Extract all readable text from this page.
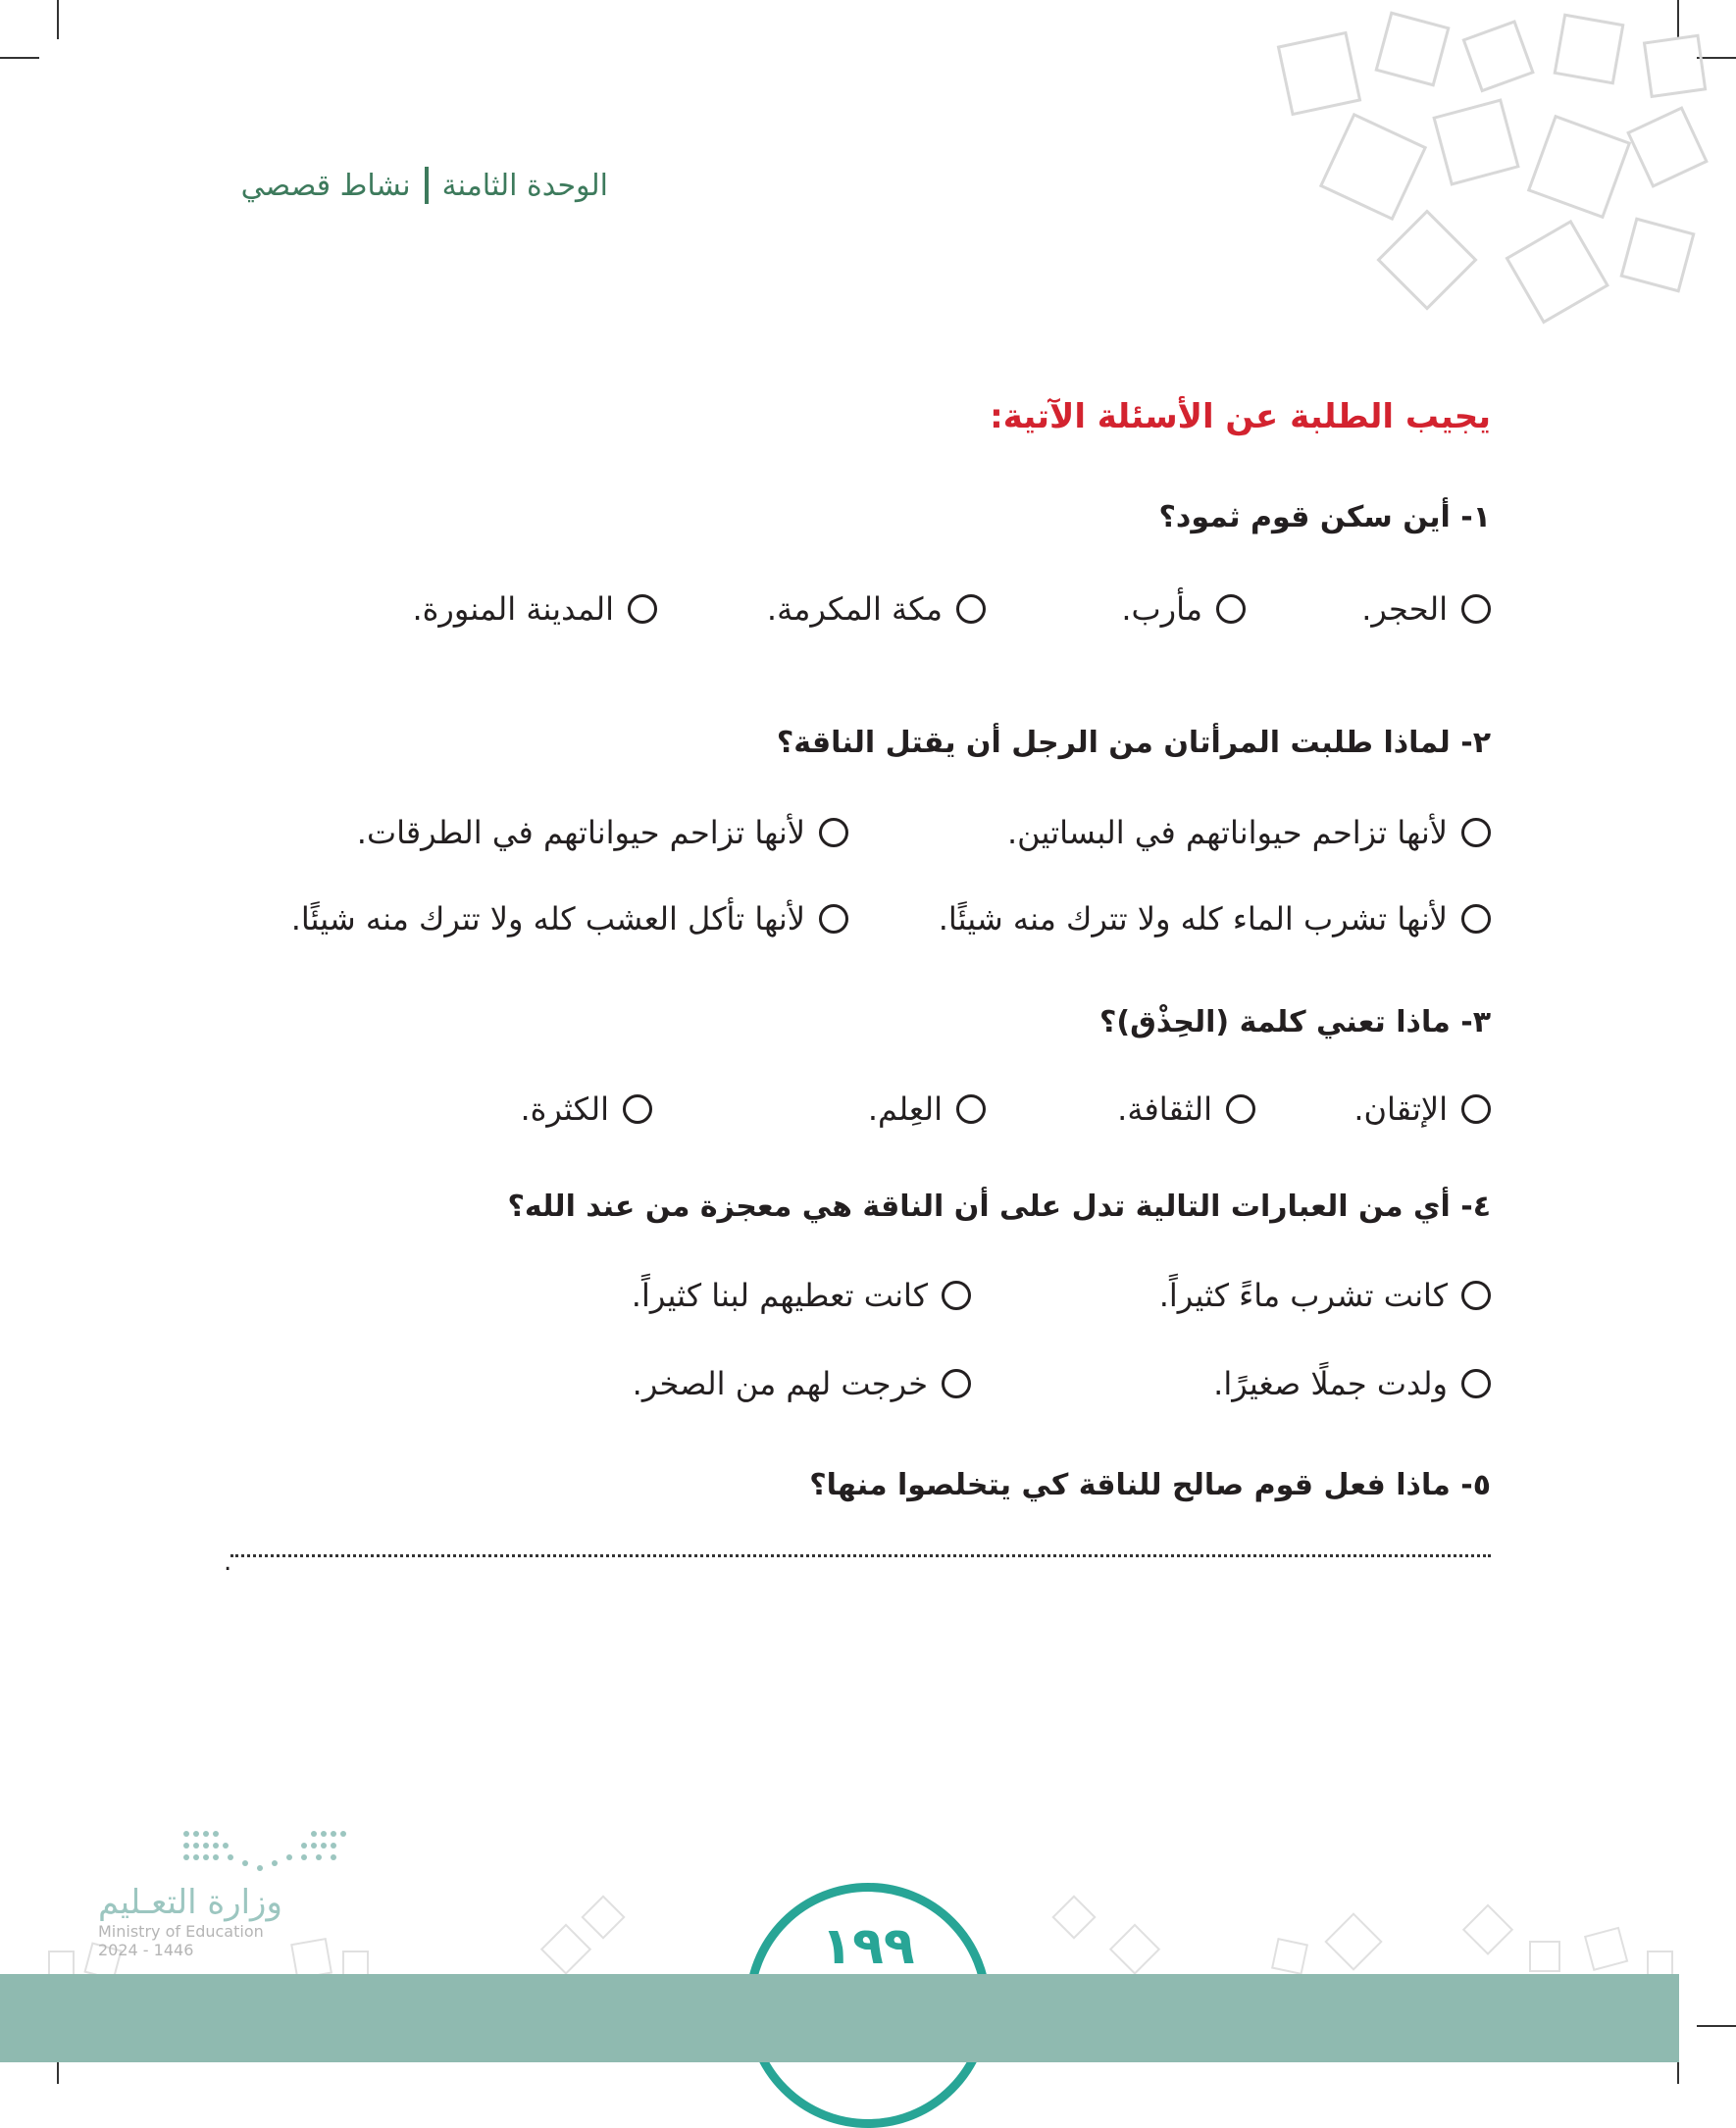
الوحدة الثامنة
نشاط قصصي
يجيب الطلبة عن الأسئلة الآتية:
١- أين سكن قوم ثمود؟
الحجر.
مأرب.
مكة المكرمة.
المدينة المنورة.
٢- لماذا طلبت المرأتان من الرجل أن يقتل الناقة؟
لأنها تزاحم حيواناتهم في البساتين.
لأنها تزاحم حيواناتهم في الطرقات.
لأنها تشرب الماء كله ولا تترك منه شيئًا.
لأنها تأكل العشب كله ولا تترك منه شيئًا.
٣- ماذا تعني كلمة (الحِذْق)؟
الإتقان.
الثقافة.
العِلم.
الكثرة.
٤- أي من العبارات التالية تدل على أن الناقة هي معجزة من عند الله؟
كانت تشرب ماءً كثيراً.
كانت تعطيهم لبنا كثيراً.
ولدت جملًا صغيرًا.
خرجت لهم من الصخر.
٥- ماذا فعل قوم صالح للناقة كي يتخلصوا منها؟
.
١٩٩
وزارة التعـليم
Ministry of Education
2024 - 1446
